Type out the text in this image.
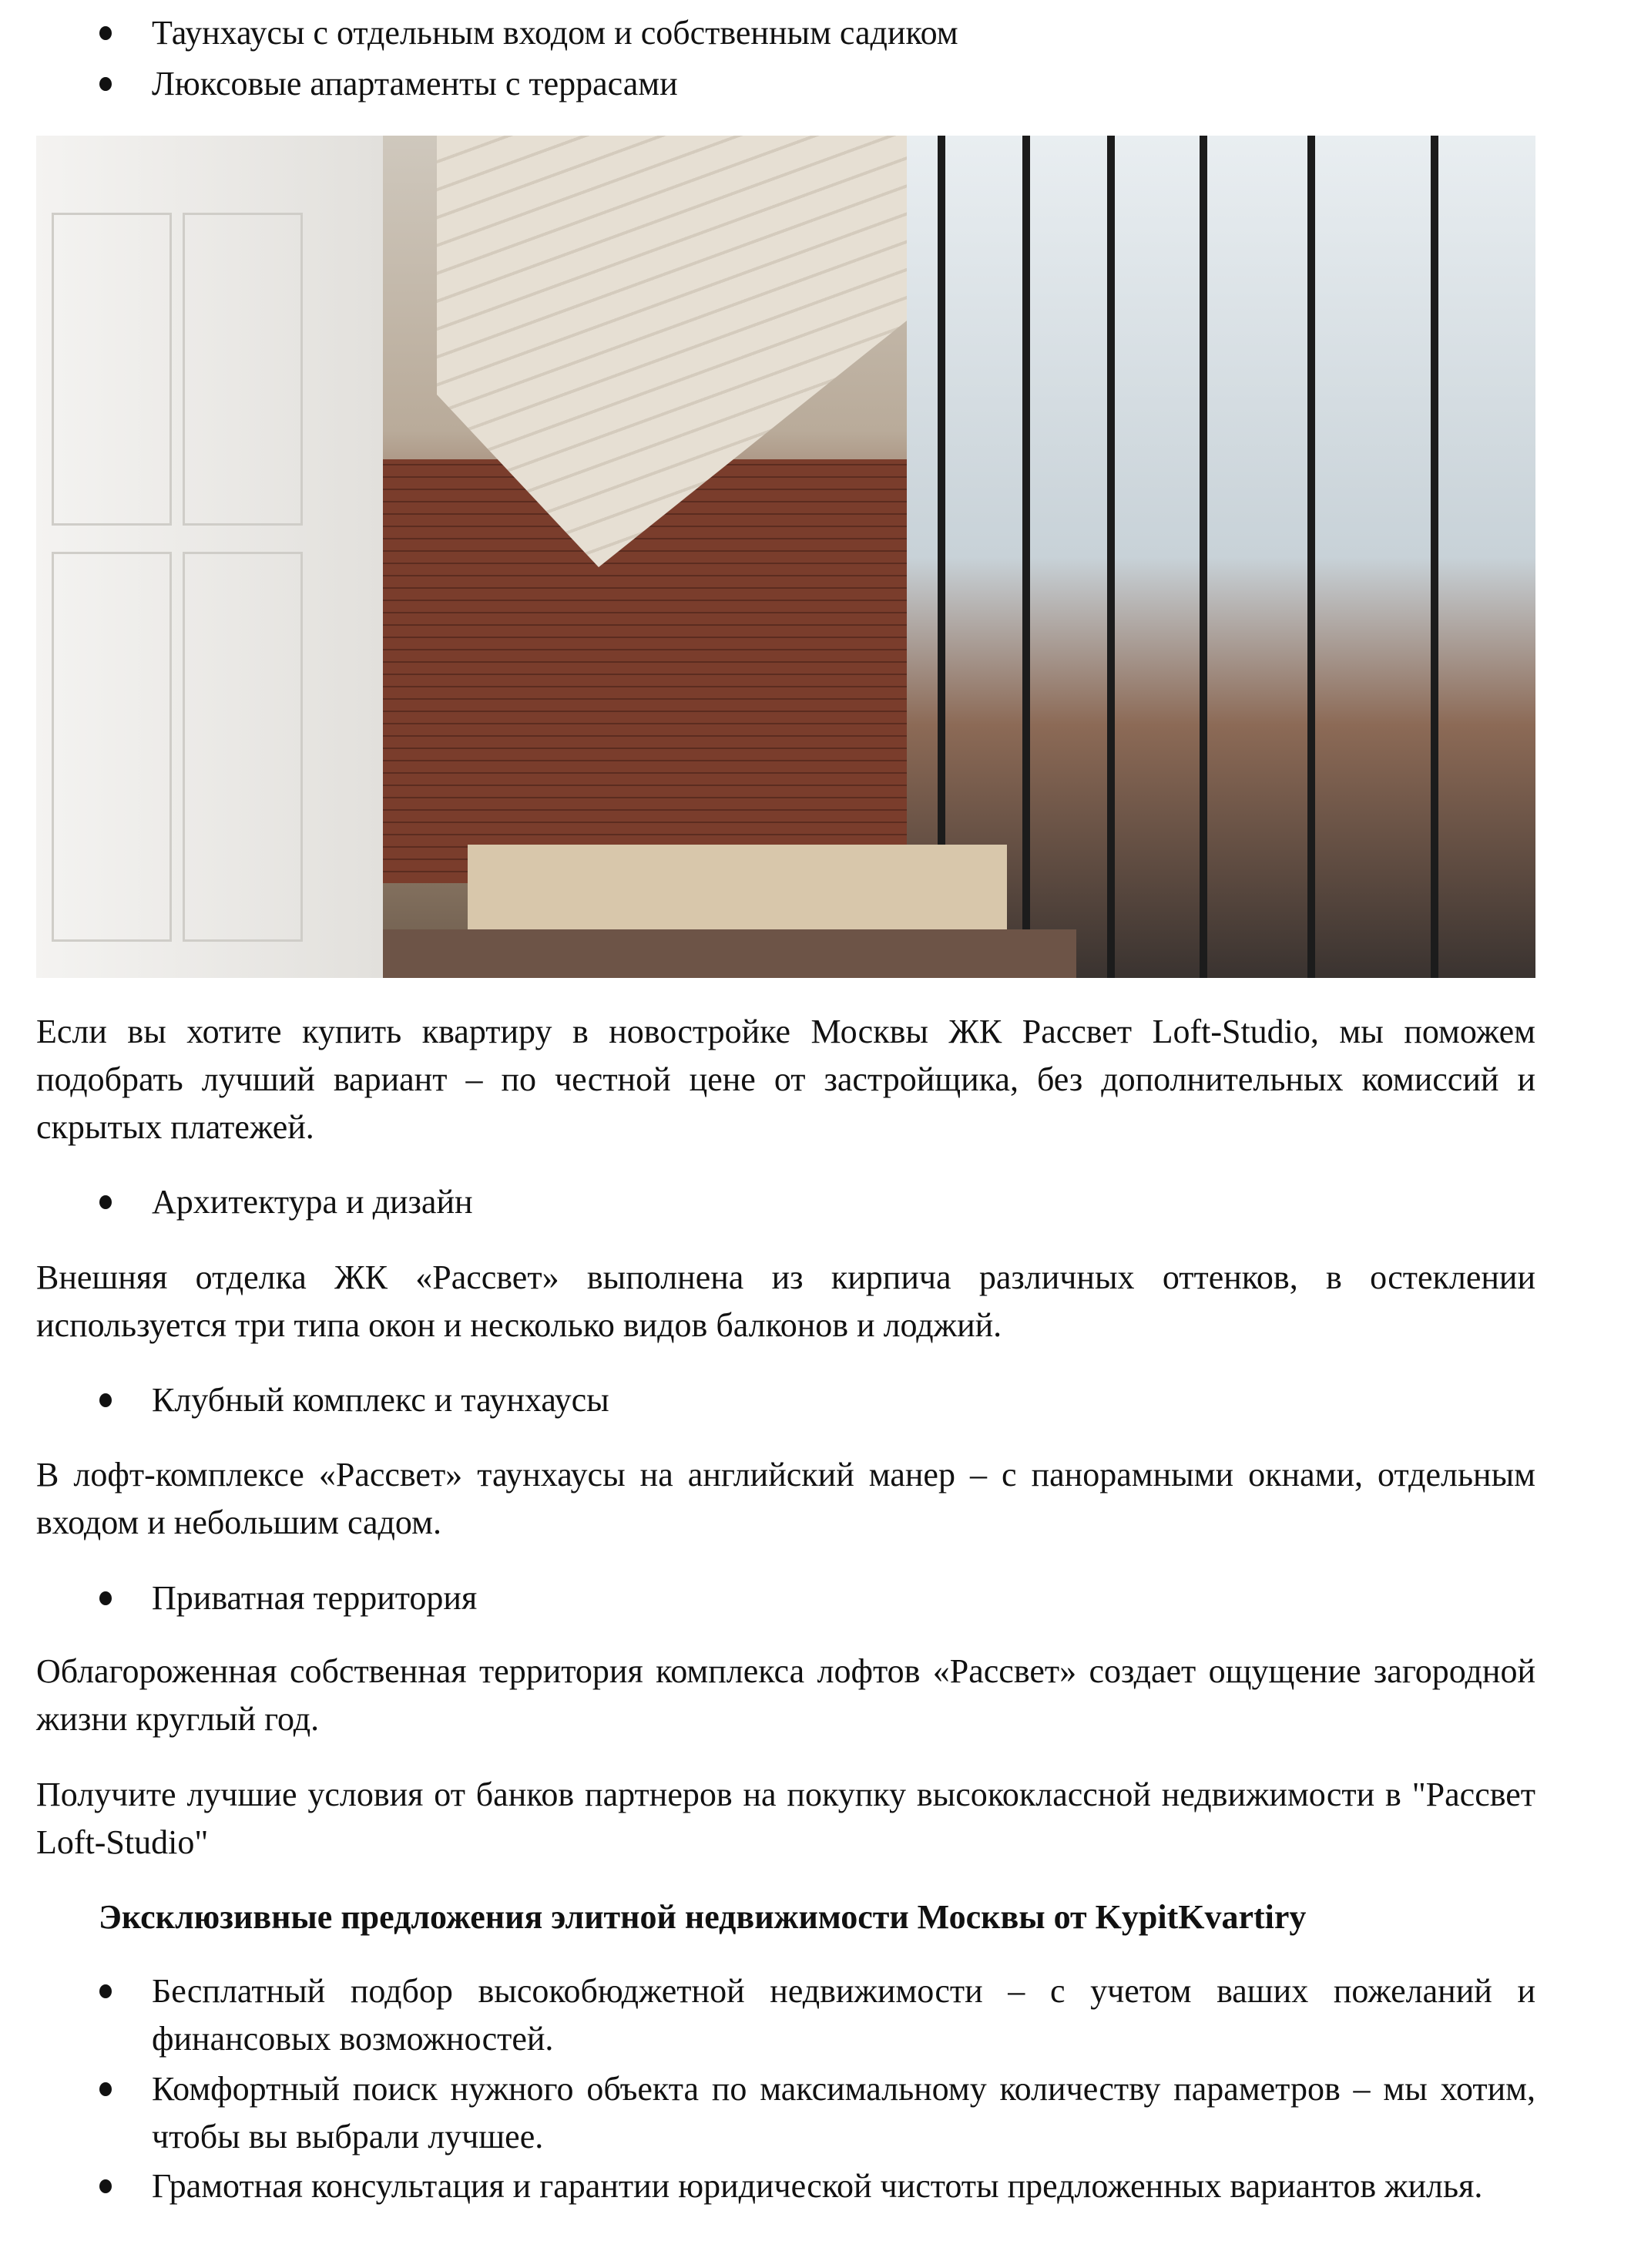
Таунхаусы с отдельным входом и собственным садиком
Люксовые апартаменты с террасами
Если вы хотите купить квартиру в новостройке Москвы ЖК Рассвет Loft-Studio, мы поможем подобрать лучший вариант – по честной цене от застройщика, без дополнительных комиссий и скрытых платежей.
Архитектура и дизайн
Внешняя отделка ЖК «Рассвет» выполнена из кирпича различных оттенков, в остеклении используется три типа окон и несколько видов балконов и лоджий.
Клубный комплекс и таунхаусы
В лофт-комплексе «Рассвет» таунхаусы на английский манер – с панорамными окнами, отдельным входом и небольшим садом.
Приватная территория
Облагороженная собственная территория комплекса лофтов «Рассвет» создает ощущение загородной жизни круглый год.
Получите лучшие условия от банков партнеров на покупку высококлассной недвижимости в "Рассвет Loft-Studio"
Эксклюзивные предложения элитной недвижимости Москвы от KypitKvartiry
Бесплатный подбор высокобюджетной недвижимости – с учетом ваших пожеланий и финансовых возможностей.
Комфортный поиск нужного объекта по максимальному количеству параметров – мы хотим, чтобы вы выбрали лучшее.
Грамотная консультация и гарантии юридической чистоты предложенных вариантов жилья.
